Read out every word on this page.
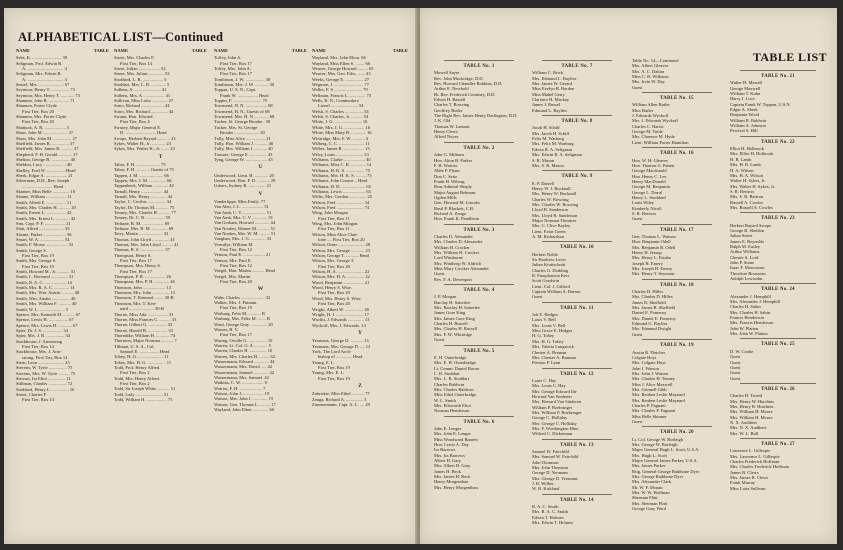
ALPHABETICAL LIST—Continued
NAME	TABLE
Sebs, K. .......................... 39
Seligman, Prof. Edwin R.
A. ................................ 4
Seligman, Mrs. Edwin R.
A. ................................ 4
Sessel, Mrs. ...................... 67
Seymour, Henry T. ................ 73
Seymour, Mrs. Henry T. ............ 73
Shannon, John R. .................. 71
Shannon, Porter Clyde
First Tier, Box 20
Shannon, Mrs. Porter Clyde
First Tier, Box 20
Shattuck, A. R. ................... 5
Shaw, John M. ..................... 37
Shaw, Mrs. John M. ................ 37
Sheffield, James R. ............... 37
Sheffield, Mrs. James R. .......... 37
Shepherd, F. H. Gerald ............ 37
Shelton, George B. ................ 40
Sheldon, Lucy .................... 40
Shelley, Fred W. ................ Head
Sherk, Edgar A. ................... 21
Silverman, D.D., Rev. Joseph
........................... Head
Skinner, Miss Belle ............... 10
Sloane, William .................. 11
Smith, Alfred E. ................. 11
Smith, Mrs. Charles H. .......... 20
Smith, Ernest L. ................. 42
Smith, Mrs. Ernest L. ............ 42
Sim, Capt. P. F. .................. 21
Slatt, Alfred ...................... 33
Sloane, Parker .................... 36
Smart, W. A. ..................... 54
Smith, F. Morse ................... 33
Smith, George S.
First Tier, Box 19
Smith, Mrs. George S.
First Tier, Box 19
Smith, Howard M., Jr. ........... 31
Smith, L. Bertrand ............... 31
Smith, R. A. C. ................... 14
Smith, Mrs. R. A. C. ............. 14
Smith, Mrs. Wm. Austin ........... 40
Smith, Wm. Austin ................ 40
Smith, Mrs. William F. ........... 40
Smith, W. L. ...................... 5
Spence, Mrs. Kenneth M. .......... 67
Spence, Lewis H. ................. 67
Spence, Mrs. Lewis H. ............ 67
Spier, Dr. J. S. ................. 34
Spier, Mrs. J. B. ................ 34
Stackhouse, J. Armstrong
First Tier, Box 14
Stackhouse, Mrs. J. Arm-
strong. First Tier, Box 14
Stern, Leon ....................... 23
Stevens, W. Tyrie ................ 75
Stevens, Mrs. W. Tyrie .......... 75
Stewart, Ira Eliot ............... 12
Stillman, Charles ................ 72
Stoddard, Henry L. ............... 16
Street, Charles F.
First Tier, Box 14
NAME	TABLE
Street, Mrs. Charles F.
First Tier, Box 14
Street, Julian ................... 52
Street, Mrs. Julian .............. 52
Stoddard, L. B. .................. 5
Stoddart, Mrs. L. B. ............. 5
Sullens, A. ....................... 41
Sullens, Mrs. A. .................. 41
Sullivan, Miss Lotta .............. 27
Sutro, Richard .................... 44
Sutro, Mrs. Richard ............... 44
Swann, Hon. Edward
First Tier, Box 4
Swasey, Major General E.
D. ........................... Head
Swope, Herbert Bayard ........... 23
Sykes, Walter H., Jr. ............ 23
Sykes, Mrs. Walter H., Jr. ....... 23
T
Tabor, F. H. ..................... 75
Tabor, F. H. ............ Guests of 75
Tappen, J. M. ..................... 66
Tappen, Mrs. J. M. ............... 66
Tappenbeck, William ............. 44
Tarnall, Henry ................... 44
Tarnall, Mrs. Henry .............. 44
Taylor, C. Cecilus ................ 34
Taylor, Dr. Thomas M. ........... 75
Tenney, Mrs. Charles H. .......... 77
Tenney, Dr. C. B. ................ 59
Terhune, R. M. ................... 69
Terhune, Mrs. R. M. .............. 69
Terry, Martin ..................... 32
Thomas, John Lloyd ............... 41
Thomas, Mrs. John Lloyd .......... 41
Thomas, R. S. ..................... 57
Thompson, Henry S.
First Tier, Box 17
Thompson, Mrs. Henry S.
First Tier, Box 17
Thompson, P. B. .................. 26
Thompson, Mrs. P. B. ............. 26
Thomson, John .................... 13
Thomson, Mrs. John ............... 13
Thomson, T. Kennard ........ 30-B
Thomson, Mrs. T. Ken-
nard ...................... 30-B
Thorne, Miss Ada .................. 33
Thorne, Miss Frances C. .......... 33
Thorne, Gilbert G. ................ 33
Thorne, Harold B. ................. 33
Thorndike, William H. ............ 74
Thornton, Major Norman ........... 7
Tillman, U. S. A., Col.
Samuel E. ................. Head
Tobey, H. G. ...................... 11
Tobey, Mrs. H. G. ................ 11
Todd, Prof. Henry Alfred.
First Tier, Box 2
Todd, Mrs. Henry Alfred.
First Tier, Box 2
Todd, Sir Joseph White ........... 51
Todd, Lady ........................ 51
Todd, William H. .................. 75
NAME	TABLE
Toffey, John A.
First Tier, Box 17
Toffey, Mrs. John A.
First Tier, Box 17
Tomlinson, J. W. ................. 30
Tomlinson, Mrs. J. W. ............ 30
Toppan, U. S. N., Capt.
Frank W. .................. Head
Toppin, F. ......................... 75
Townsend, H. N. ................... 68
Townsend, H. N., Guests of 68
Townsend, Mrs. H. N. ............ 68
Tucker, St. George Brooke . 30
Tucker, Mrs. St. George
Brooke ...................... 30
Tully, Miss Alice ................. 21
Tully, Hon. William J. ........... 40
Tully, Mrs. William J. ........... 40
Turnure, George E. ............... 45
Tyng, George W. ................... 45
U
Underwood, Lieut. H. ............ 20
Underwood, Hon. F. D. ........... 29
Ushers, Sydney R. ............... 21
V
Vanderlippe, Miss Emily. 77
Van Alen, J. L. ................... 51
Van Amb, C. V. .................... 51
Van Amb, Mrs. C. V. ............. 51
Van Gorham, Howard ............. 44
Van Norden, Warner M. .......... 51
Van Norden, Mrs. W. M. ......... 51
Vaughan, Mrs. J. G. ............. 33
Vermilye, William M.
First Tier, Box 12
Vernon, Paul E. ................... 21
Vernon, Mrs. Paul E.
First Tier, Box 12
Voegel, Hon. Martin ........... Head
Voegel, Mrs. Martin
First Tier, Box 20
W
Wahs, Charles ..................... 32
Walker, Mrs. J. Putnam.
First Tier, Box 19
Warburg, Felix M. ........... B
Warburg, Mrs. Felix M. ....... B
Ward, George Gray ............... 20
Warner, H. V.
First Tier, Box 17
Waring, Orville G. ................ 10
Warren, Lt. Col. G. A. ........... 5
Warren, Charles H. ............... 10
Warren, Mrs. Charles H. ......... 62
Wassermann, Edward ............. 44
Wassermann, Mrs. David. .... 42
Wassermann, Samuel ............. 42
Wassermann, Mrs. Samuel. 42
Watkins, C. W. ................... 9
Watriss, F. H. .................... 7
Watson, John J. .................. 19
Watson, Mrs. John J. ............. 19
Watson, Gen. Thomas L. ......... 17
Wayland, John Elton .............. 66
NAME	TABLE
Wayland, Mrs. John Elton. 66
Wayland, Miss Ellen S. ........ 66
Weaver, George Howard ......... 65
Weaver, Mrs. Geo. Edw.. ...... 43
Weeks, George E. ................ 27
Wegman, J. .......................... 77
Weller, F. S. ........................ 79
Wellman, Francis L. .............. 73
Wells, R. N., Commodore
Lionel ........................ 54
Welsh, S. Charles ................ 54
Welsh, S. Charles, Jr. .......... 54
White, J. G. ........................ 16
White, Mrs. J. G. .................. 16
White, Miss Mary B. ............. 16
Whitridge, Mrs. F. W. ........... 4
Wilberg, C. C. ...................... 11
Wilber, James B. .................. 13
Wiley, Louis ........................ 23
Williams, Clarke ................... 40
Williams, Miss C. B. ............. 14
Williams, H. K. S. ................ 75
Williams, Mrs. H. K. S. ......... 75
Williams, John Conroe .. Head
Williams, H. D. ..................... 65
Williams, Lewis .................... 63
Willis, Mrs. Gordon ............... 25
Wilson, Fred ........................ 34
Wilson, Fred ........................ 74
Wing, John Morgan
First Tier, Box 11
Wing, Mrs. John Morgan.
First Tier, Box 11
Wilson, Miss Alice Char-
lotte .... First Tier, Box 20
Wilson, Orme ....................... 28
Wilson, Mrs. George ............ 23
Wilson, George T. ........... Head
Wilson, Mrs. George T.
First Tier, Box 20
Wilson, H. A. ....................... 22
Wilson, Mrs. H. A. ............... 22
Wood, Benjamin .................. 21
Wood, Henry S. Wise.
First Tier, Box 20
Wood, Mrs. Henry S. Wise.
First Tier, Box 20
Wright, Albert W. ................ 48
Wright, H. J. ........................ 17
Wurlitt, J. Edwards .............. 13
Wyckoff, Mrs. J. Edwards. 13
Y
Yeomans, George D. ........... 13
Yeomans, Mrs. George D. .... 13
York, The Lord Arch-
bishop of .............. Head
Young, E. L.
First Tier, Box 19
Young, Mrs. E. L.
First Tier, Box 19
Z
Zabriskie, Miss Ethel ........... 77
Zenga, Richard A. ............... 3
Zimmermann, Capt. A. L. .... 29
TABLE LIST
TABLE No. 1
Mowell Sayre
Rev. John Mockridge, D.D.
Rev. Howard Chandler Robbins, D.D.
Arthur E. Newbold
Rt. Rev. Frederick Courtney, D.D.
Edwin H. Bassell
Charles T. Bowring
Geoffrey Butler
The Right Rev. James Henry Darlington, D.D.
J. K. Old
Thomas W. Lamont
Henry Clews
Alfred Noyes
TABLE No. 2
John G. Milburn
Hon. Alton B. Parker
F. H. Watriss
Abbe P. Flynn
Don C. Seitz
Frank H. Wiborg
Rear Admiral Sheply
Major August Belmont
Ogden Mills
Gen. Howard M. Lincoln
Basil P. Blackett, C.B.
Richard A. Zenga
Hon. Frank K. Pendleton
TABLE No. 3
Charles D. Alexander
Mrs. Charles D. Alexander
William H. Crocker
Mrs. William H. Crocker
Lord Wimborne
Mrs. Winthrop W. Aldrich
Miss Mary Crocker Alexander
Guest
Rev. F. A. Devenport
TABLE No. 4
J. P. Morgan
Barclay H. Satterlee
Mrs. Barclay H. Satterlee
James Gore King
Mrs. James Gore King
Charles H. Russell
Mrs. Charles H. Russell
Mrs. F. W. Whitridge
Guest
TABLE No. 5
E. H. Outerbridge
Mrs. E. H. Outerbridge
Lt. Comm. Daniel Bacon
L. B. Stoddart
Mrs. L. B. Stoddart
Charles Baldwin
Mrs. Charles Baldwin
Miss Ethel Outerbridge
W. L. Smith
Mrs. Ellsworth Eliot
Norman Henderson
TABLE No. 6
John E. Lenger
Mrs. John E. Lenger
Miss Woodward Barnett
Hon. Lewis A. Day
Ira Barrows
Mrs. Ira Barrows
Albert H. Gary
Mrs. Albert H. Gary
James H. Beck
Mrs. James H. Beck
Henry Morgenthau
Mrs. Henry Morgenthau
TABLE No. 7
William C. Brick
Mrs. Edmund L. Baylies
Mrs. James W. Gerard
Miss Evelyn B. Borden
Miss Mabel Gerry
Clarence H. Mackay
James J. Russel
Edmund L. Baylies
TABLE No. 8
Jacob H. Schiff
Mrs. Jacob H. Schiff
Felix M. Warburg
Mrs. Felix M. Warburg
Edwin R. A. Seligman
Mrs. Edwin R. A. Seligman
S. R. Mason
Mrs. S. R. Mason
TABLE No. 9
E. P. Darrell
Henry W. J. Bucknall
Mrs. Henry W. Bucknall
Charles W. Bowring
Mrs. Charles W. Bowring
Lloyd B. Sanderson
Mrs. Lloyd B. Sanderson
Major Norman Thwaites
Mrs. C. Clive Bayley
Lieut. Evart Green
A. M. Richardson
TABLE No. 10
Herbert Noble
Sir Hardress Lever
Julian Kruttschnitt
Charles G. Dodding
R. Farquharson Kerr
Scott Goodwin
Lieut. Col. J. Gifford
Captain William A. Barron
Guest
TABLE No. 11
Job E. Hedges
Louis V. Bell
Mrs. Louis V. Bell
Miss Grace E. Hedges
H. G. Tobey
Mrs. H. G. Tobey
Mrs. Valeria Langstock
Chester A. Braman
Mrs. Chester A. Braman
Preston P. Lynn
TABLE No. 12
Louis C. Hay
Mrs. Louis C. Hay
Mrs. George Edward Ide
Howard Van Sinderen
Mrs. Howard Van Sinderen
William P. Boehringer
Mrs. William P. Boehringer
George C. Holliday
Mrs. George C. Holliday
Mrs. F. Worthington Hine
Wilfred C. Dickerman
TABLE No. 13
Samuel W. Fairchild
Mrs. Samuel W. Fairchild
John Thomson
Mrs. John Thomson
George D. Yeomans
Mrs. George D. Yeomans
J. R. Wilber
W. R. Kirkland
TABLE No. 14
R. A. C. Smith
Mrs. R. A. C. Smith
Edwin T. Holmes
Mrs. Edwin T. Holmes
Table No. 14—Continued
Mrs. Albert Gleaves
Mrs. A. C. Dalton
Miss C. B. Williams
Mrs. Irvin W. Day
Guest
TABLE No. 15
William Allen Butler
Miss Butler
J. Edwards Wyckoff
Mrs. J. Edwards Wyckoff
Charles C. Harris
George M. Tuttle
Mrs. Clarence M. Hyde
Lieut. William Porter Hamilton
TABLE No. 16
Hon. W. H. Gleaves
Hon. Thomas G. Patten
George Macdonald
Hon. Henry C. Lee
Henry MacDonald
George M. Benjamin
George L. Duval
Henry L. Stoddard
Louis Wiley
Kimberly Nicoll
S. R. Bertron
Guest
TABLE No. 17
Gen. Thomas L. Watson
Hon. Benjamin Odell
Mrs. Benjamin B. Odell
Henry H. Jessup
Mrs. Henry L. Estabo
Joseph H. Emery
Mrs. Joseph H. Emery
Mrs. Henry T. Seymour
TABLE No. 18
Charles D. Hilles
Mrs. Charles D. Hilles
James R. Sheffield
Mrs. James R. Sheffield
Daniel E. Pomeroy
Mrs. Daniel E. Pomeroy
Edmund G. Baylies
Mrs. Edmund Dwight
Guest
TABLE No. 19
Austin B. Fletcher
Colgate Hoyt
Mrs. Colgate Hoyt
John J. Watson
Mrs. John J. Watson
Mrs. Charles H. Tenney
Miss J. Alice Maxwell
Mrs. Grinnell Gibb
Mrs. Reuben Leslie Maynard
Mrs. Reuben Leslie Maynard
Charles P. Fagnani
Mrs. Charles P. Fagnani
Miss Belle Skinner
Guest
TABLE No. 20
Lt. Col. George W. Burleigh
Mrs. George W. Burleigh
Major General Hugh L. Scott, U.S.A.
Mrs. Hugh L. Scott
Major General James Parker, U.S.A.
Mrs. James Parker
Brig. General George Rathbone Dyer
Mrs. George Rathbone Dyer
Mrs. Alexander Clark
Mr. W. F. Mcnair
Mrs. W. W. Hoffman
Sherman Flint
Mrs. Sherman Flint
George Gray Ward
TABLE No. 21
Walter H. Merrall
George Maxwell
William T. Kuhn
Harry J. Luce
Captain Frank W. Toppan, U.S.N.
Edgar A. Sherk
Benjamin Wood
William B. Baldwin
William A. Johnson
Percival S. Hill
TABLE No. 22
Elliot H. Holbrook
Mrs. Elliot H. Holbrook
H. B. Lamb
Mrs. H. B. Lamb
H. A. Wilson
Mrs. H. A. Wilson
Walter H. Sykes, Jr.
Mrs. Walter H. Sykes, Jr.
S. R. Bertron
Mrs. S. R. Bertron
Russell A. Cowles
Mrs. Russell A. Cowles
TABLE No. 23
Herbert Bayard Swope
George R. Sheldon
Julian Street
James E. Reynolds
Ralph M. Easley
Arthur Williams
Chester S. Lord
John P. Stone
Isaac F. Marcosson
Theodore Rousseau
Adolph Lewisohn
TABLE No. 24
Alexander J. Hemphill
Mrs. Alexander J. Hemphill
Charles H. Sabin
Mrs. Charles H. Sabin
Francis Henderson
Mrs. Francis Henderson
John W. Platten
Mrs. John W. Platten
TABLE No. 25
D. W. Cooke
Guest
Guest
Guest
Guest
Guest
TABLE No. 26
Charles H. Tweed
Mrs. Henry W. Hutchins
Mrs. Henry B. Hutchins
Mrs. William H. Moore
Mrs. William H. Moore
N. X. Audibert
Mrs. N. X. Audibert
Mrs. W. L. Bull
TABLE No. 27
Lawrence L. Gillespie
Mrs. Lawrence L. Gillespie
Charles Frederick Hoffman
Mrs. Charles Frederick Hoffman
James B. Clews
Mrs. James B. Clews
Frank Murray
Miss Lotta Sullivan
